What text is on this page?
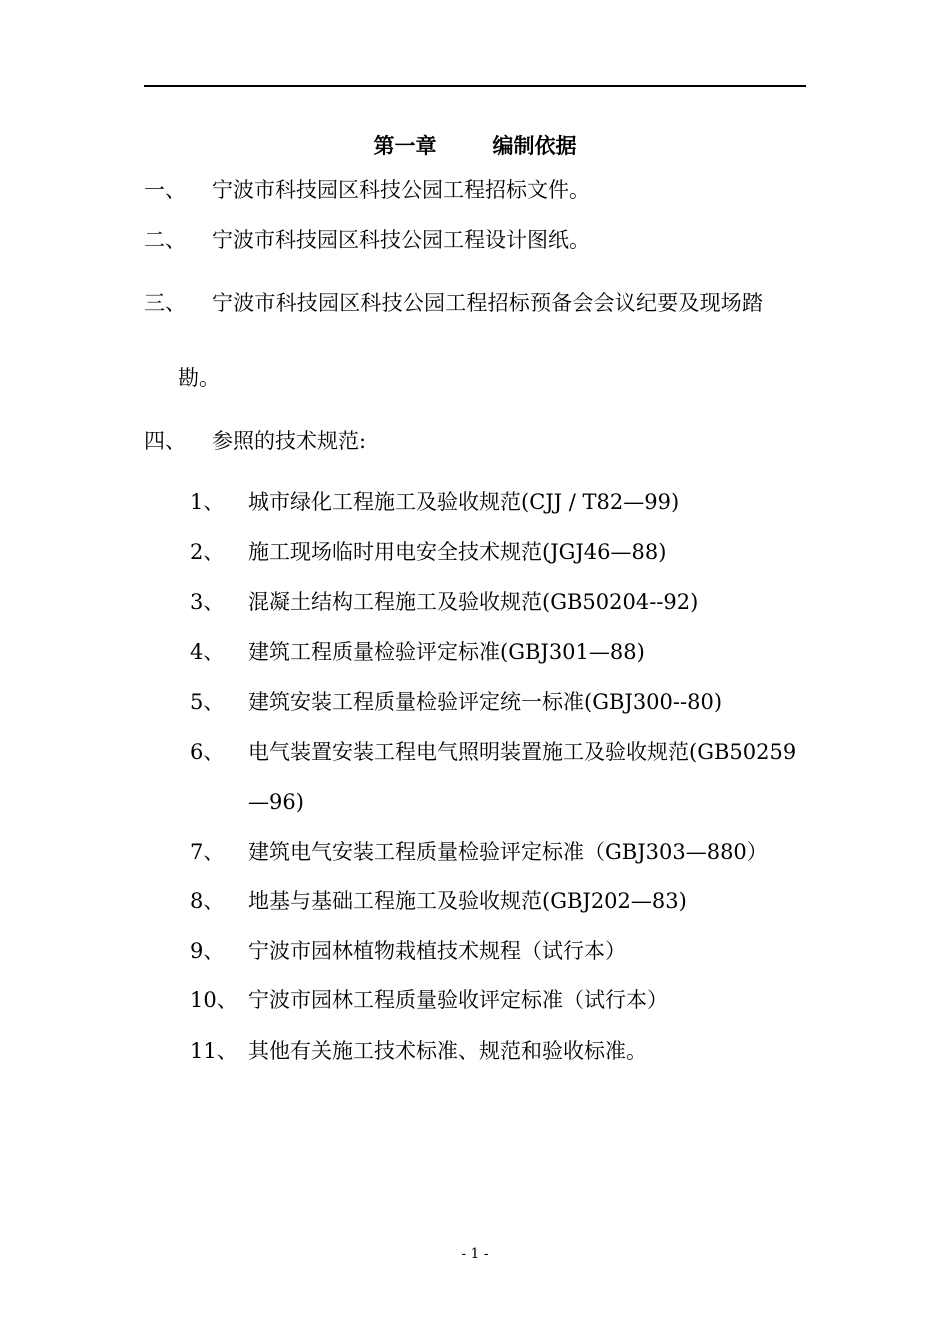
第一章	编制依据
一、 宁波市科技园区科技公园工程招标文件。
二、 宁波市科技园区科技公园工程设计图纸。
三、 宁波市科技园区科技公园工程招标预备会会议纪要及现场踏
勘。
四、 参照的技术规范:
1、 城市绿化工程施工及验收规范(CJJ / T82—99)
2、 施工现场临时用电安全技术规范(JGJ46—88)
3、 混凝土结构工程施工及验收规范(GB50204--92)
4、 建筑工程质量检验评定标准(GBJ301—88)
5、 建筑安装工程质量检验评定统一标准(GBJ300--80)
6、 电气装置安装工程电气照明装置施工及验收规范(GB50259
—96)
7、 建筑电气安装工程质量检验评定标准（GBJ303—880）
8、 地基与基础工程施工及验收规范(GBJ202—83)
9、 宁波市园林植物栽植技术规程（试行本）
10、 宁波市园林工程质量验收评定标准（试行本）
11、 其他有关施工技术标准、规范和验收标准。
- 1 -
